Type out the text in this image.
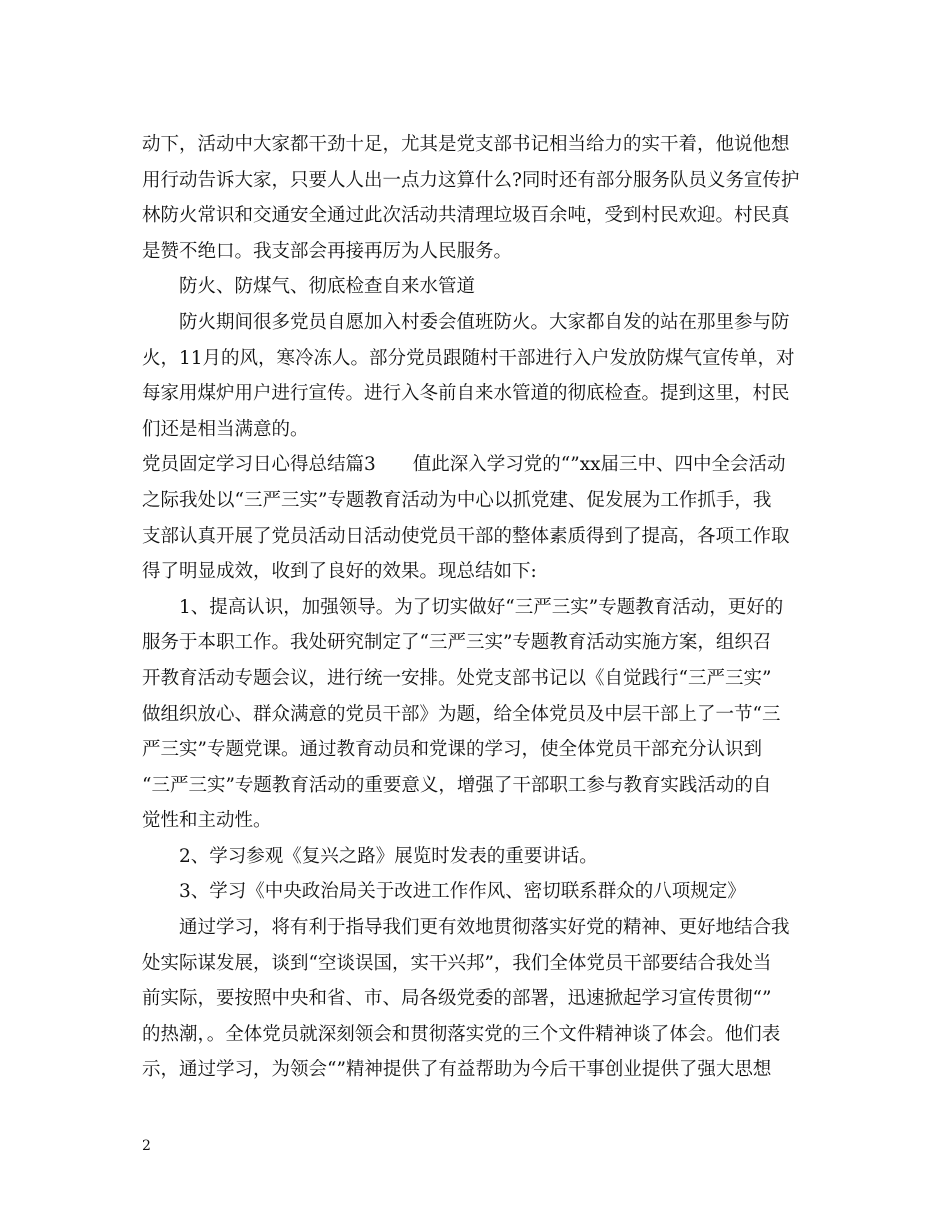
动下，活动中大家都干劲十足，尤其是党支部书记相当给力的实干着，他说他想
用行动告诉大家，只要人人出一点力这算什么?同时还有部分服务队员义务宣传护
林防火常识和交通安全通过此次活动共清理垃圾百余吨，受到村民欢迎。村民真
是赞不绝口。我支部会再接再厉为人民服务。
防火、防煤气、彻底检查自来水管道
防火期间很多党员自愿加入村委会值班防火。大家都自发的站在那里参与防
火，11月的风，寒冷冻人。部分党员跟随村干部进行入户发放防煤气宣传单，对
每家用煤炉用户进行宣传。进行入冬前自来水管道的彻底检查。提到这里，村民
们还是相当满意的。
党员固定学习日心得总结篇3　　值此深入学习党的“”xx届三中、四中全会活动
之际我处以“三严三实”专题教育活动为中心以抓党建、促发展为工作抓手，我
支部认真开展了党员活动日活动使党员干部的整体素质得到了提高，各项工作取
得了明显成效，收到了良好的效果。现总结如下:
1、提高认识，加强领导。为了切实做好“三严三实”专题教育活动，更好的
服务于本职工作。我处研究制定了“三严三实”专题教育活动实施方案，组织召
开教育活动专题会议，进行统一安排。处党支部书记以《自觉践行“三严三实”
做组织放心、群众满意的党员干部》为题，给全体党员及中层干部上了一节“三
严三实”专题党课。通过教育动员和党课的学习，使全体党员干部充分认识到
“三严三实”专题教育活动的重要意义，增强了干部职工参与教育实践活动的自
觉性和主动性。
2、学习参观《复兴之路》展览时发表的重要讲话。
3、学习《中央政治局关于改进工作作风、密切联系群众的八项规定》
通过学习，将有利于指导我们更有效地贯彻落实好党的精神、更好地结合我
处实际谋发展，谈到“空谈误国，实干兴邦”，我们全体党员干部要结合我处当
前实际，要按照中央和省、市、局各级党委的部署，迅速掀起学习宣传贯彻“”
的热潮，。全体党员就深刻领会和贯彻落实党的三个文件精神谈了体会。他们表
示，通过学习，为领会“”精神提供了有益帮助为今后干事创业提供了强大思想
2
